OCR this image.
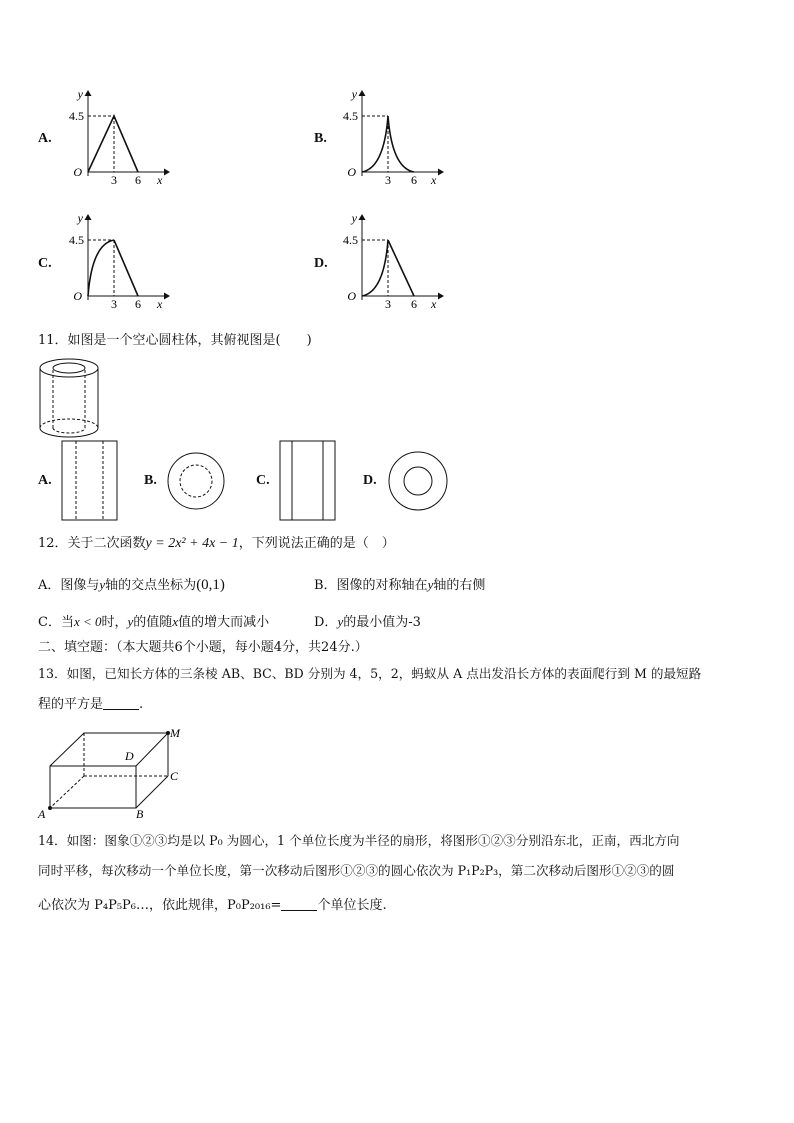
A.
y
4.5
O
3 6 x
B.
y
4.5
O
3 6 x
C.
y
4.5
O
3 6 x
D.
y
4.5
O
3 6 x
11．如图是一个空心圆柱体，其俯视图是(　　)
A.	B.	C.	D.
12．关于二次函数y = 2x² + 4x − 1，下列说法正确的是（　）
A．图像与y轴的交点坐标为(0,1)	B．图像的对称轴在y轴的右侧
C．当x < 0时，y的值随x值的增大而减小	D．y的最小值为-3
二、填空题：（本大题共6个小题，每小题4分，共24分.）
13．如图，已知长方体的三条棱 AB、BC、BD 分别为 4，5，2，蚂蚁从 A 点出发沿长方体的表面爬行到 M 的最短路
程的平方是	.
A	B
C
D
M
14．如图：图象①②③均是以 P₀ 为圆心，1 个单位长度为半径的扇形，将图形①②③分别沿东北，正南，西北方向
同时平移，每次移动一个单位长度，第一次移动后图形①②③的圆心依次为 P₁P₂P₃，第二次移动后图形①②③的圆
心依次为 P₄P₅P₆…，依此规律，P₀P₂₀₁₆=	个单位长度.
